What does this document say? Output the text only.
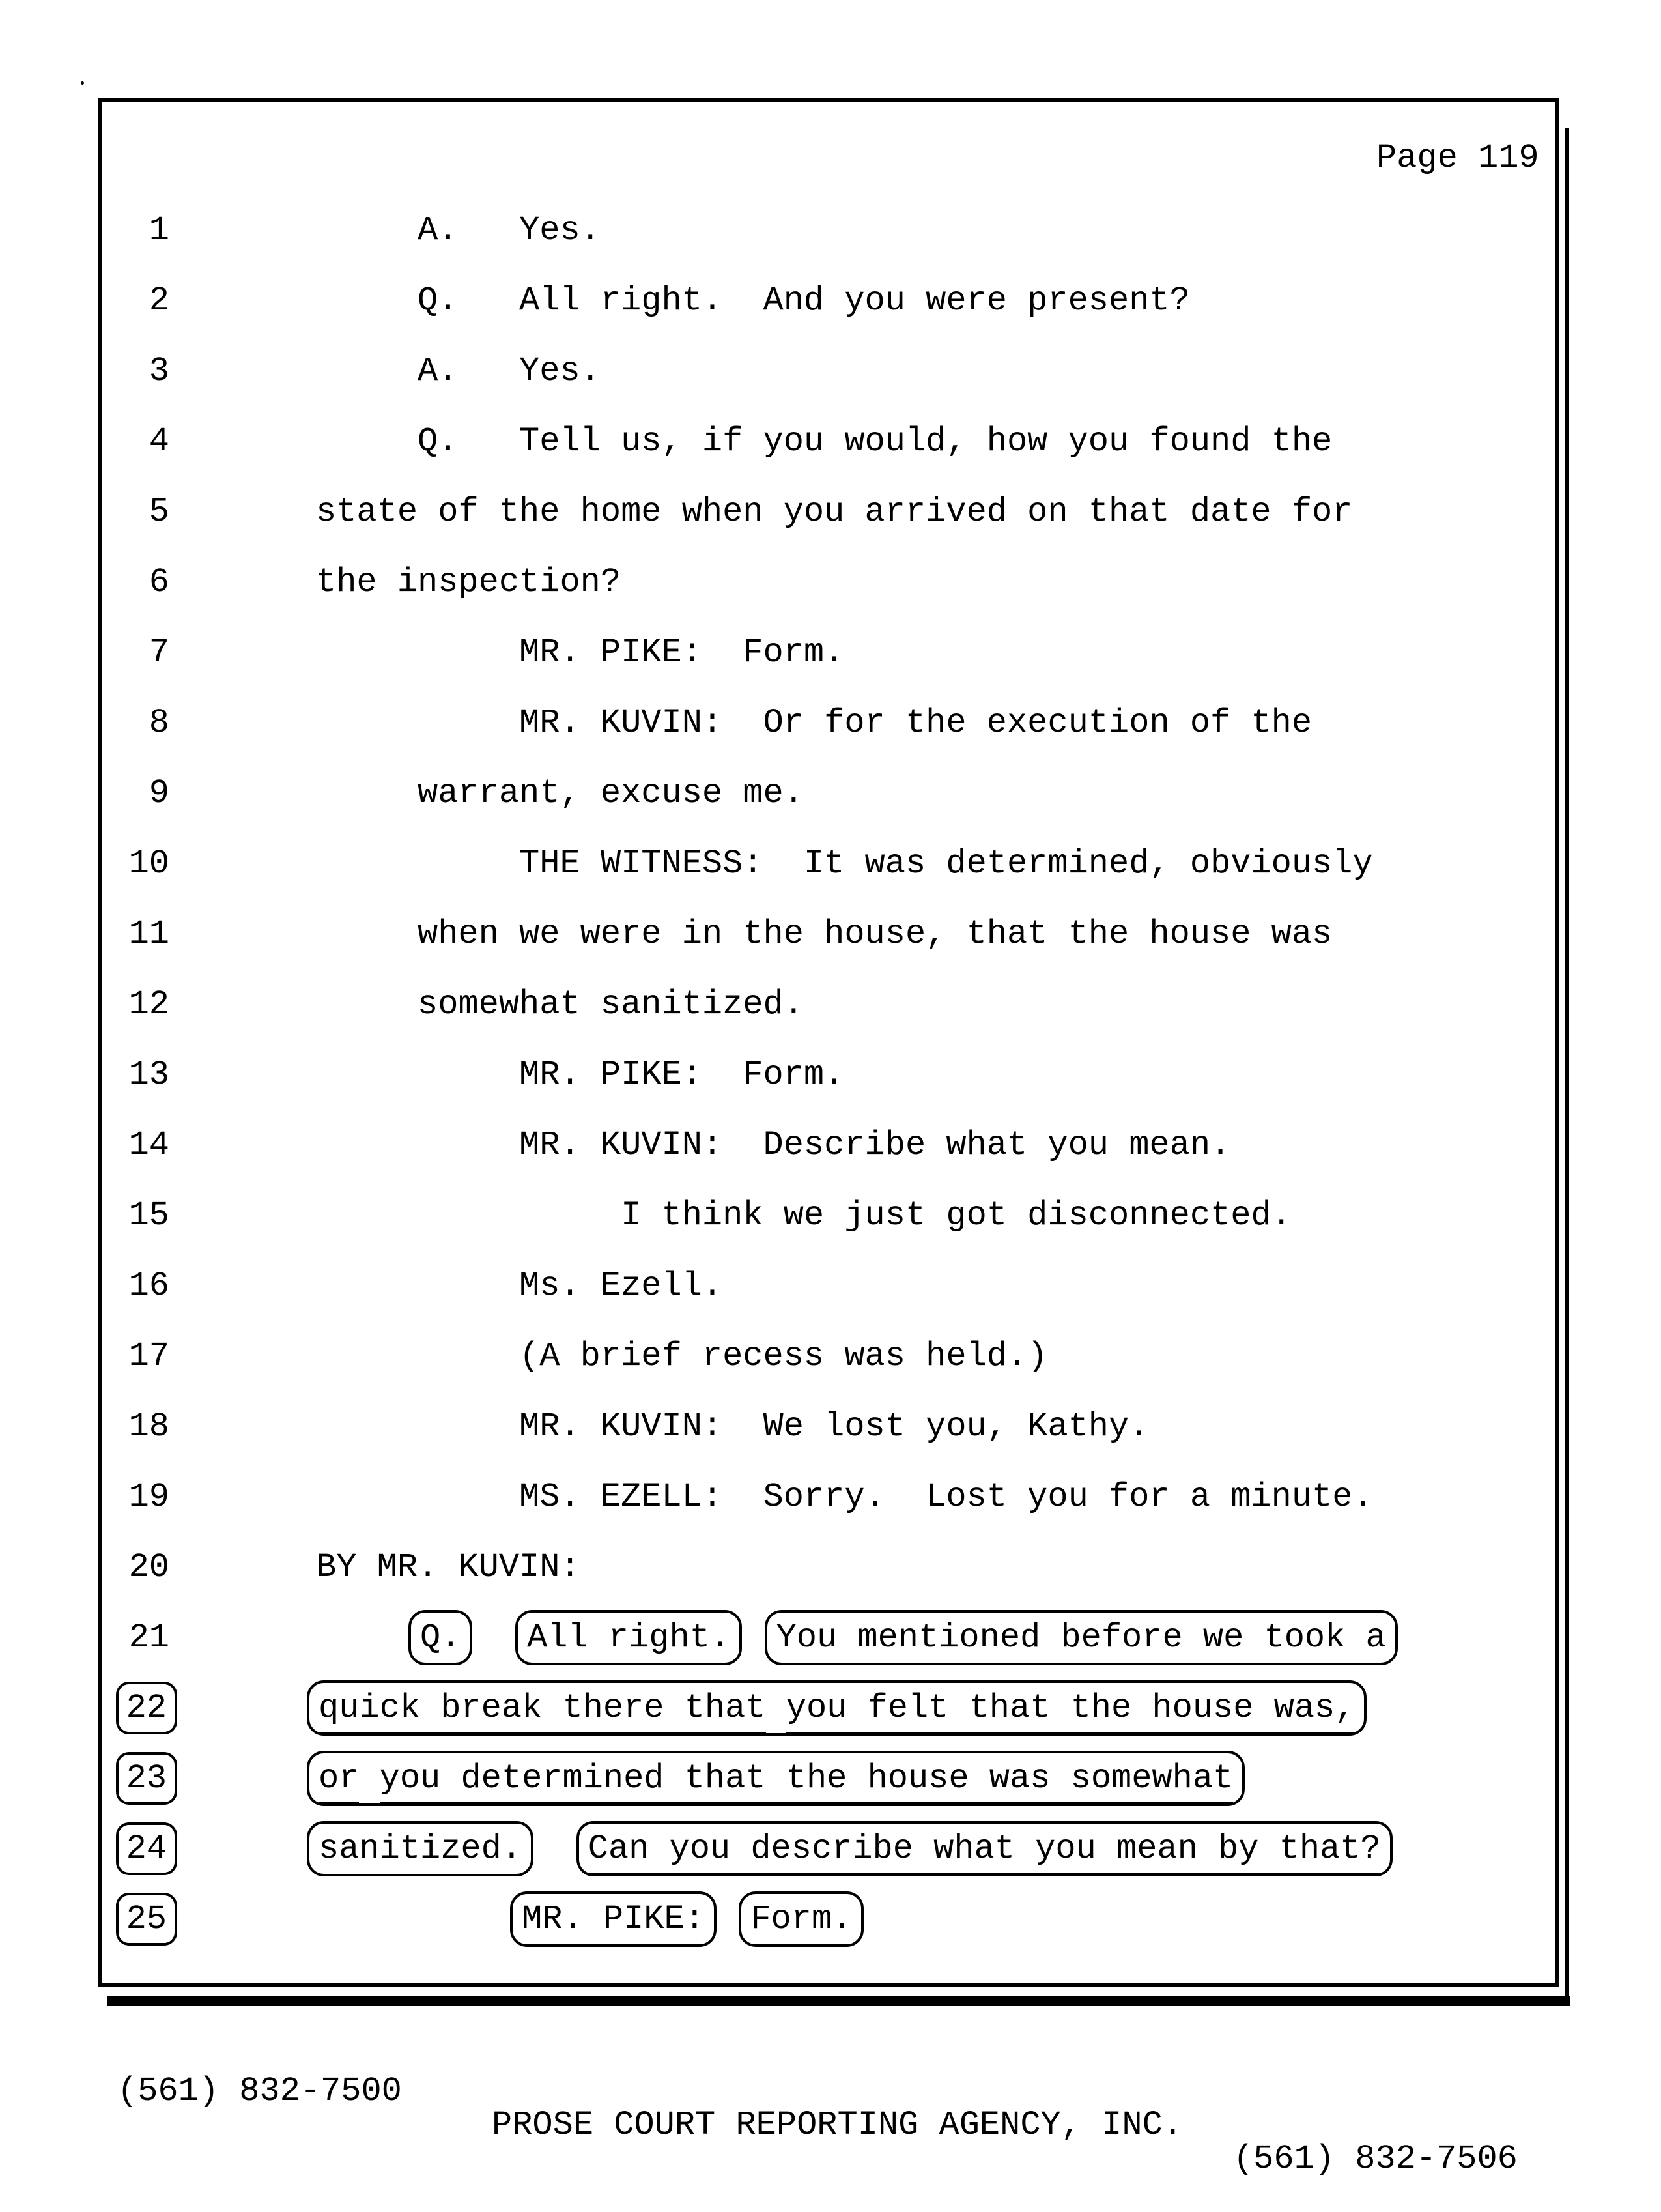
Page 119
1	A.   Yes.
2	Q.   All right.  And you were present?
3	A.   Yes.
4	Q.   Tell us, if you would, how you found the
5	state of the home when you arrived on that date for
6	the inspection?
7	MR. PIKE:  Form.
8	MR. KUVIN:  Or for the execution of the
9	warrant, excuse me.
10	THE WITNESS:  It was determined, obviously
11	when we were in the house, that the house was
12	somewhat sanitized.
13	MR. PIKE:  Form.
14	MR. KUVIN:  Describe what you mean.
15	I think we just got disconnected.
16	Ms. Ezell.
17	(A brief recess was held.)
18	MR. KUVIN:  We lost you, Kathy.
19	MS. EZELL:  Sorry.  Lost you for a minute.
20	BY MR. KUVIN:
21	Q. All right. You mentioned before we took a
22	quick break there that you felt that the house was,
23	or you determined that the house was somewhat
24	sanitized. Can you describe what you mean by that?
25	MR. PIKE: Form.

(561) 832-7500

PROSE COURT REPORTING AGENCY, INC.

(561) 832-7506
